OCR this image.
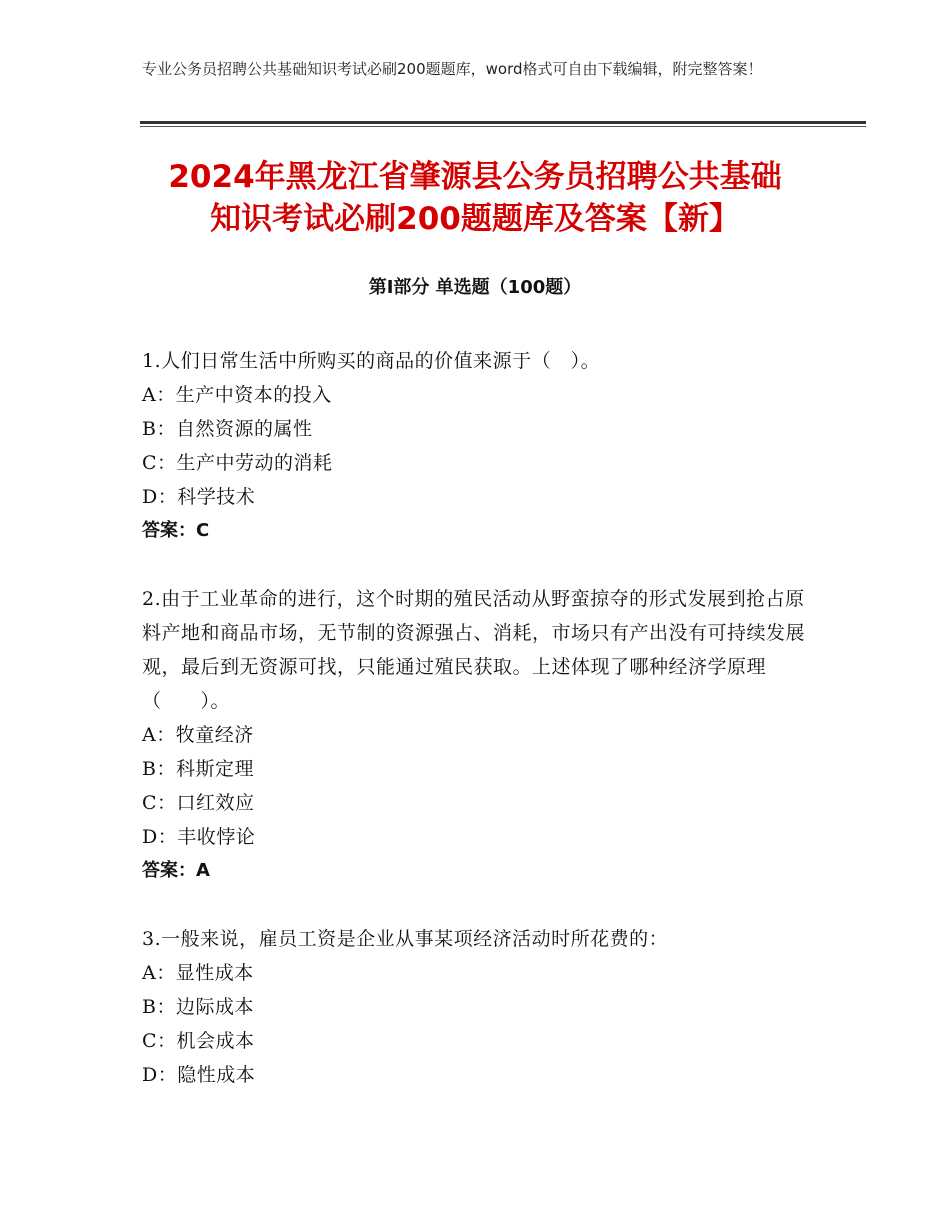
专业公务员招聘公共基础知识考试必刷200题题库，word格式可自由下载编辑，附完整答案！
2024年黑龙江省肇源县公务员招聘公共基础
知识考试必刷200题题库及答案【新】
第Ⅰ部分 单选题（100题）
1.人们日常生活中所购买的商品的价值来源于（　）。
A：生产中资本的投入
B：自然资源的属性
C：生产中劳动的消耗
D：科学技术
答案：C
2.由于工业革命的进行，这个时期的殖民活动从野蛮掠夺的形式发展到抢占原料产地和商品市场，无节制的资源强占、消耗，市场只有产出没有可持续发展观，最后到无资源可找，只能通过殖民获取。上述体现了哪种经济学原理（　　）。
A：牧童经济
B：科斯定理
C：口红效应
D：丰收悖论
答案：A
3.一般来说，雇员工资是企业从事某项经济活动时所花费的：
A：显性成本
B：边际成本
C：机会成本
D：隐性成本
